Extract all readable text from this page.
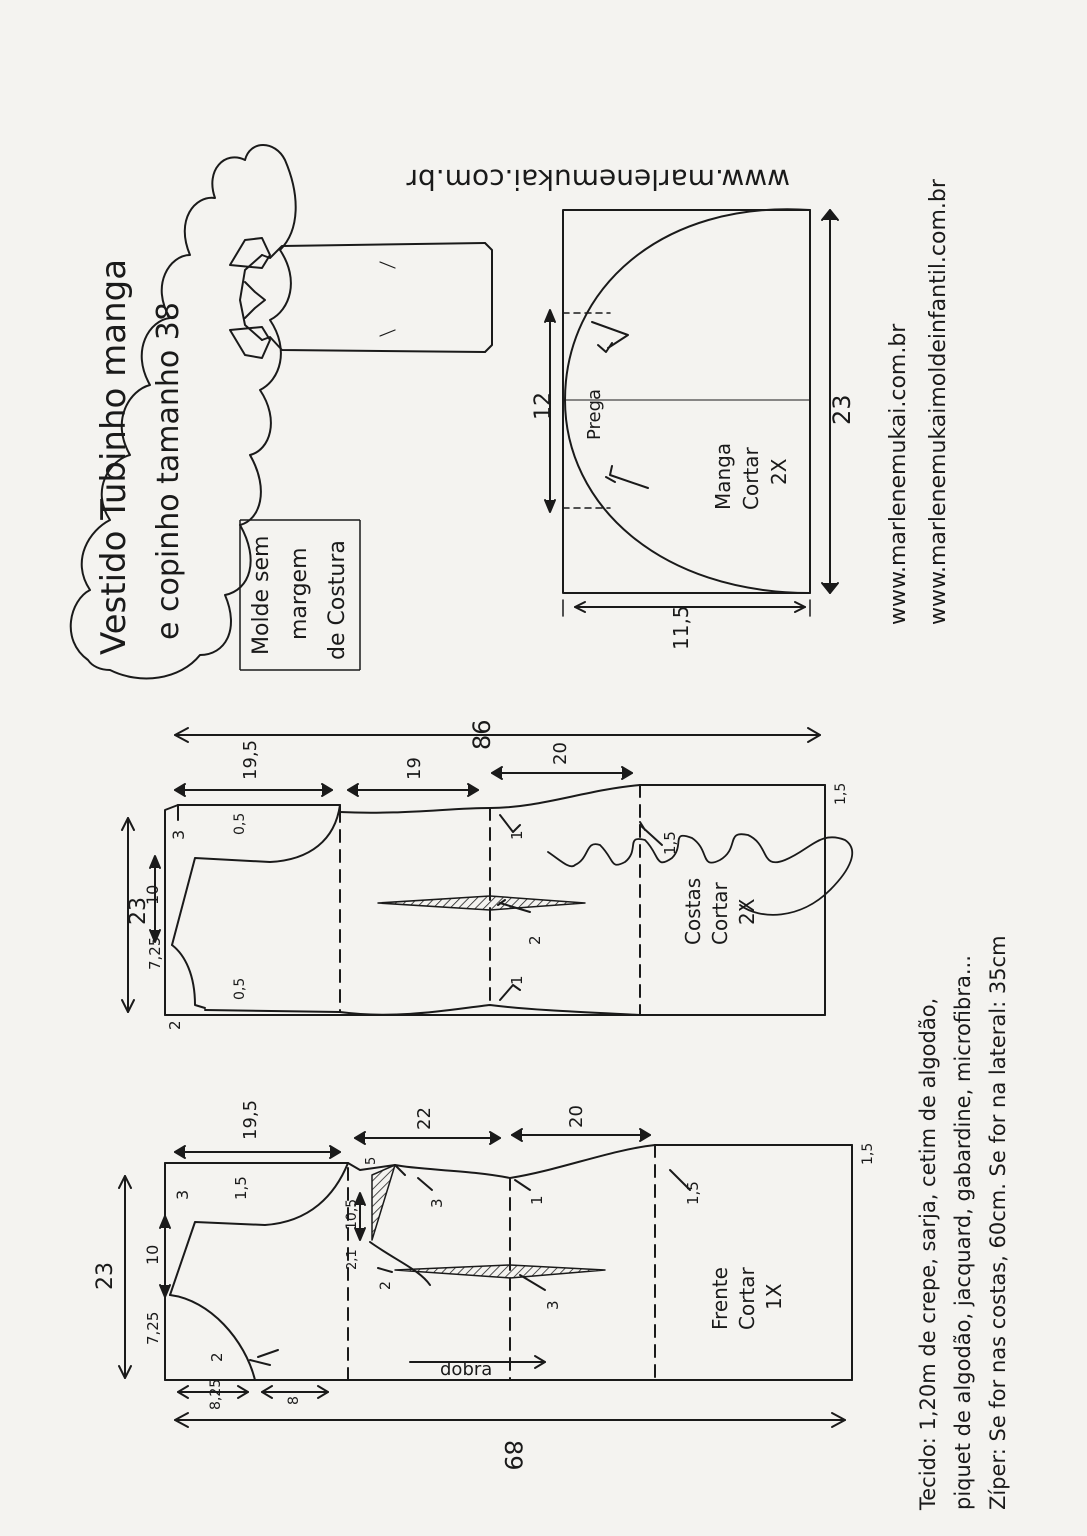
Vestido Tubinho manga e copinho tamanho 38	Molde sem margem de Costura
www.marlenemukai.com.br
www.marlenemukai.com.br www.marlenemukaimoldeinfantil.com.br
Manga Cortar 2X
Prega	23
12
11,5
Costas Cortar 2X
86
19,5	19
20
23
3
10
7,25
2
0,5
0,5
1
1
1,5
1,5
2
Frente Cortar 1X
dobra
89
19,5	22	20
23
3
10
7,25
2
8,25	8
1,5
5
10,5
2,1
2
3	1	1,5
1,5
3	Tecido: 1,20m de crepe, sarja, cetim de algodão, piquet de algodão, jacquard, gabardine, microfibra... Zíper: Se for nas costas, 60cm. Se for na lateral: 35cm
